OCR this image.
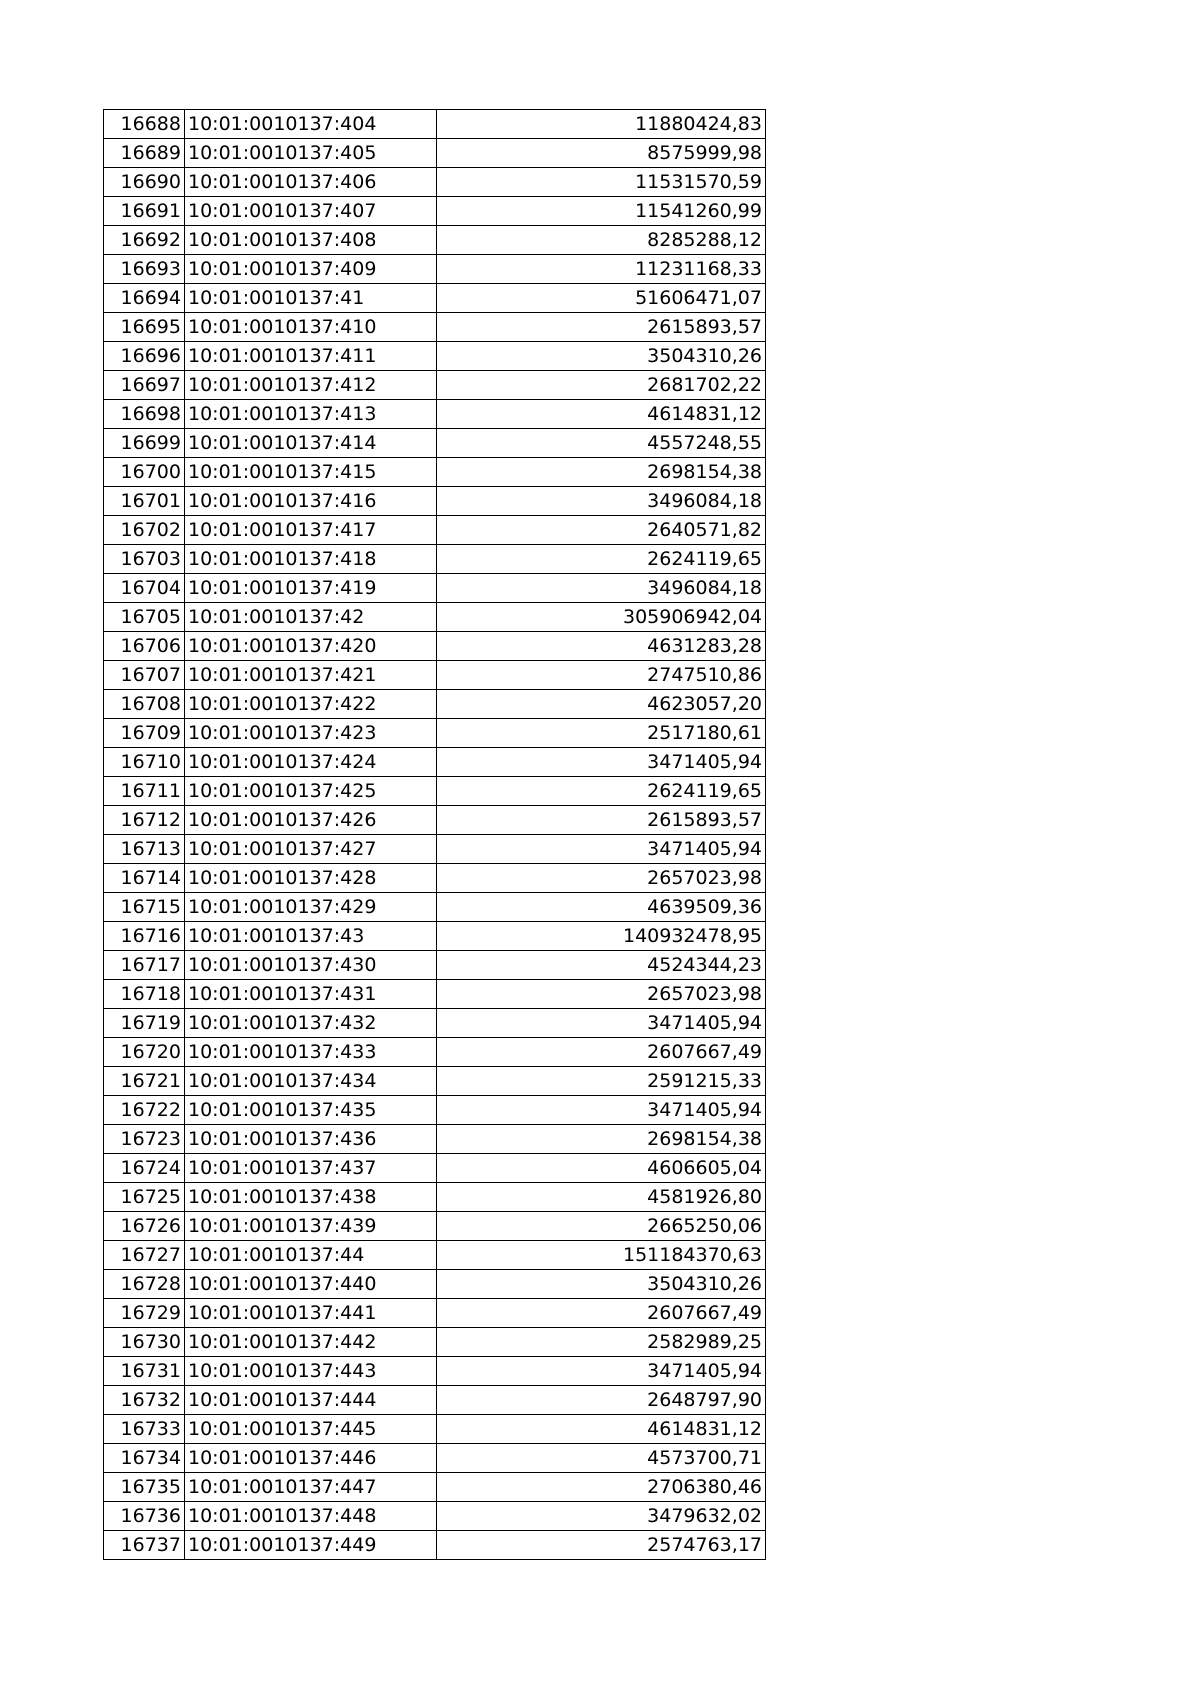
16688	10:01:0010137:404	11880424,83
16689	10:01:0010137:405	8575999,98
16690	10:01:0010137:406	11531570,59
16691	10:01:0010137:407	11541260,99
16692	10:01:0010137:408	8285288,12
16693	10:01:0010137:409	11231168,33
16694	10:01:0010137:41	51606471,07
16695	10:01:0010137:410	2615893,57
16696	10:01:0010137:411	3504310,26
16697	10:01:0010137:412	2681702,22
16698	10:01:0010137:413	4614831,12
16699	10:01:0010137:414	4557248,55
16700	10:01:0010137:415	2698154,38
16701	10:01:0010137:416	3496084,18
16702	10:01:0010137:417	2640571,82
16703	10:01:0010137:418	2624119,65
16704	10:01:0010137:419	3496084,18
16705	10:01:0010137:42	305906942,04
16706	10:01:0010137:420	4631283,28
16707	10:01:0010137:421	2747510,86
16708	10:01:0010137:422	4623057,20
16709	10:01:0010137:423	2517180,61
16710	10:01:0010137:424	3471405,94
16711	10:01:0010137:425	2624119,65
16712	10:01:0010137:426	2615893,57
16713	10:01:0010137:427	3471405,94
16714	10:01:0010137:428	2657023,98
16715	10:01:0010137:429	4639509,36
16716	10:01:0010137:43	140932478,95
16717	10:01:0010137:430	4524344,23
16718	10:01:0010137:431	2657023,98
16719	10:01:0010137:432	3471405,94
16720	10:01:0010137:433	2607667,49
16721	10:01:0010137:434	2591215,33
16722	10:01:0010137:435	3471405,94
16723	10:01:0010137:436	2698154,38
16724	10:01:0010137:437	4606605,04
16725	10:01:0010137:438	4581926,80
16726	10:01:0010137:439	2665250,06
16727	10:01:0010137:44	151184370,63
16728	10:01:0010137:440	3504310,26
16729	10:01:0010137:441	2607667,49
16730	10:01:0010137:442	2582989,25
16731	10:01:0010137:443	3471405,94
16732	10:01:0010137:444	2648797,90
16733	10:01:0010137:445	4614831,12
16734	10:01:0010137:446	4573700,71
16735	10:01:0010137:447	2706380,46
16736	10:01:0010137:448	3479632,02
16737	10:01:0010137:449	2574763,17
